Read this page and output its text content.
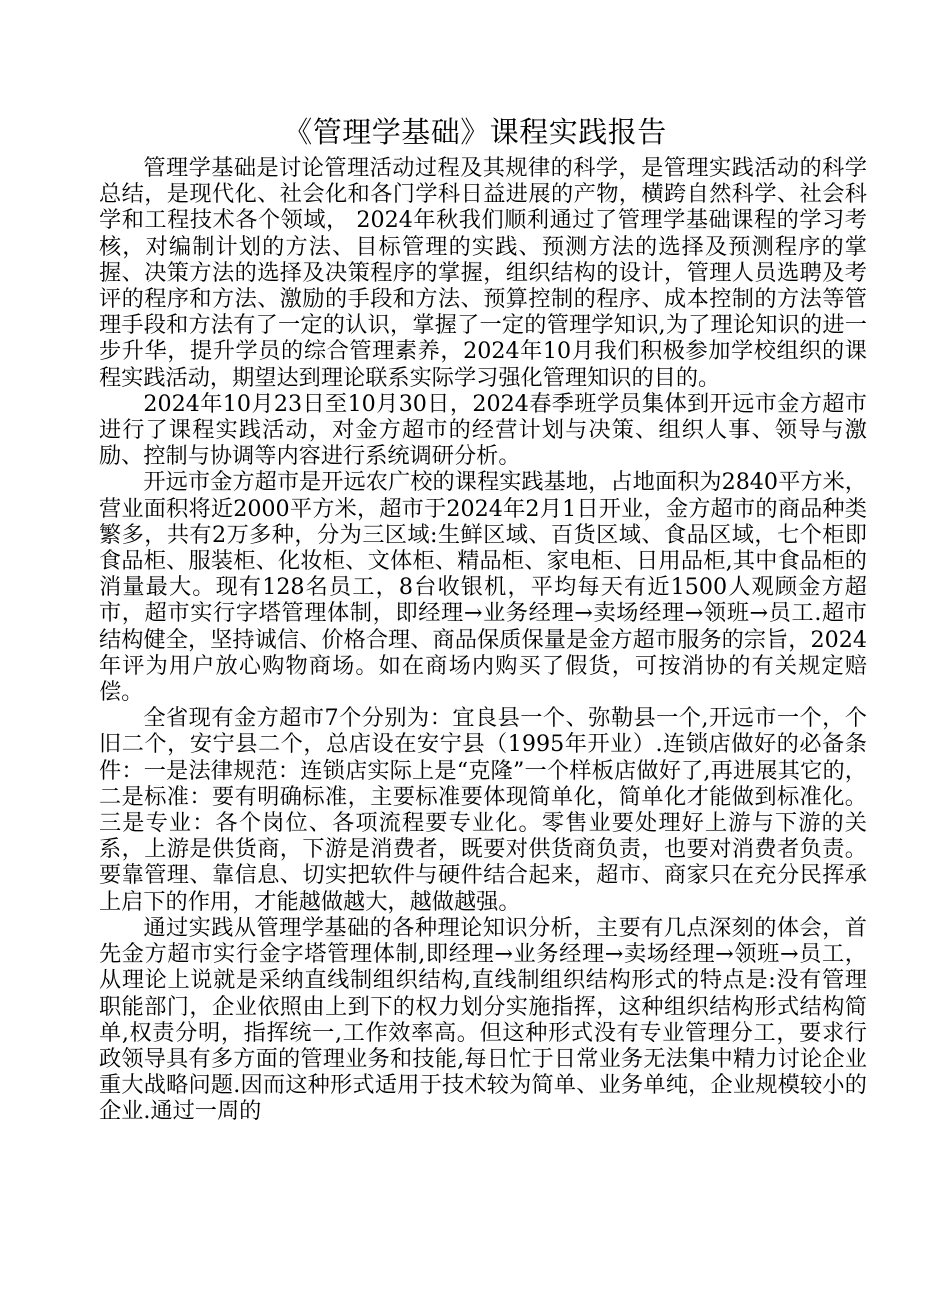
《管理学基础》课程实践报告

管理学基础是讨论管理活动过程及其规律的科学，是管理实践活动的科学总结，是现代化、社会化和各门学科日益进展的产物，横跨自然科学、社会科学和工程技术各个领域， 2024年秋我们顺利通过了管理学基础课程的学习考核，对编制计划的方法、目标管理的实践、预测方法的选择及预测程序的掌握、决策方法的选择及决策程序的掌握，组织结构的设计，管理人员选聘及考评的程序和方法、激励的手段和方法、预算控制的程序、成本控制的方法等管理手段和方法有了一定的认识，掌握了一定的管理学知识,为了理论知识的进一步升华，提升学员的综合管理素养，2024年10月我们积极参加学校组织的课程实践活动，期望达到理论联系实际学习强化管理知识的目的。

2024年10月23日至10月30日，2024春季班学员集体到开远市金方超市进行了课程实践活动，对金方超市的经营计划与决策、组织人事、领导与激励、控制与协调等内容进行系统调研分析。

开远市金方超市是开远农广校的课程实践基地，占地面积为2840平方米，营业面积将近2000平方米，超市于2024年2月1日开业，金方超市的商品种类繁多，共有2万多种，分为三区域:生鲜区域、百货区域、食品区域，七个柜即食品柜、服装柜、化妆柜、文体柜、精品柜、家电柜、日用品柜,其中食品柜的消量最大。现有128名员工，8台收银机，平均每天有近1500人观顾金方超市，超市实行字塔管理体制，即经理→业务经理→卖场经理→领班→员工.超市结构健全，坚持诚信、价格合理、商品保质保量是金方超市服务的宗旨，2024年评为用户放心购物商场。如在商场内购买了假货，可按消协的有关规定赔偿。

全省现有金方超市7个分别为：宜良县一个、弥勒县一个,开远市一个，个旧二个，安宁县二个，总店设在安宁县（1995年开业）.连锁店做好的必备条件：一是法律规范：连锁店实际上是“克隆”一个样板店做好了,再进展其它的，二是标准：要有明确标准，主要标准要体现简单化，简单化才能做到标准化。三是专业：各个岗位、各项流程要专业化。零售业要处理好上游与下游的关系，上游是供货商，下游是消费者，既要对供货商负责，也要对消费者负责。要靠管理、靠信息、切实把软件与硬件结合起来，超市、商家只在充分民挥承上启下的作用，才能越做越大，越做越强。

通过实践从管理学基础的各种理论知识分析，主要有几点深刻的体会，首先金方超市实行金字塔管理体制,即经理→业务经理→卖场经理→领班→员工，从理论上说就是采纳直线制组织结构,直线制组织结构形式的特点是:没有管理职能部门，企业依照由上到下的权力划分实施指挥，这种组织结构形式结构简单,权责分明，指挥统一,工作效率高。但这种形式没有专业管理分工，要求行政领导具有多方面的管理业务和技能,每日忙于日常业务无法集中精力讨论企业重大战略问题.因而这种形式适用于技术较为简单、业务单纯，企业规模较小的企业.通过一周的
